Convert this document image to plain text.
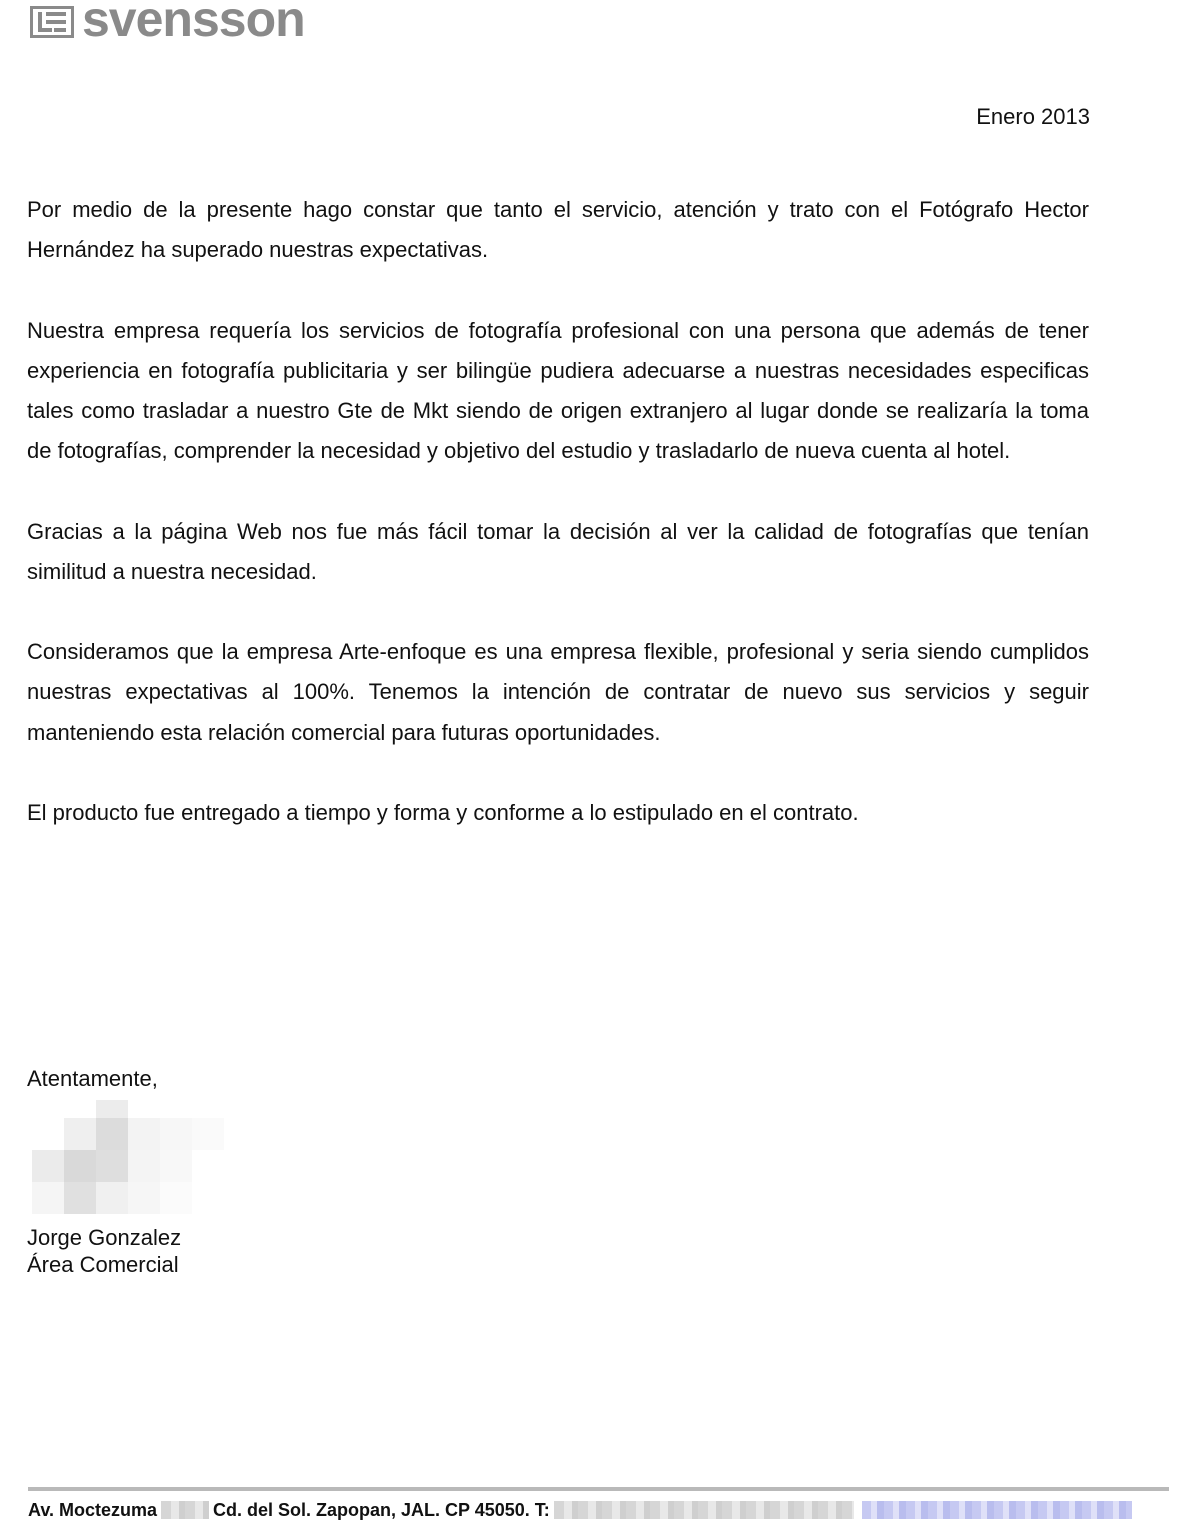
svensson
Enero 2013

Por medio de la presente hago constar que tanto el servicio, atención y trato con el Fotógrafo Hector Hernández ha superado nuestras expectativas.

Nuestra empresa requería los servicios de fotografía profesional con una persona que además de tener experiencia en fotografía publicitaria y ser bilingüe pudiera adecuarse a nuestras necesidades especificas tales como trasladar a nuestro Gte de Mkt siendo de origen extranjero al lugar donde se realizaría la toma de fotografías, comprender la necesidad y objetivo del estudio y trasladarlo de nueva cuenta al hotel.

Gracias a la página Web nos fue más fácil tomar la decisión al ver la calidad de fotografías que tenían similitud a nuestra necesidad.

Consideramos que la empresa Arte-enfoque es una empresa flexible, profesional y seria siendo cumplidos nuestras expectativas al 100%. Tenemos la intención de contratar de nuevo sus servicios y seguir manteniendo esta relación comercial para futuras oportunidades.

El producto fue entregado a tiempo y forma y conforme a lo estipulado en el contrato.

Atentamente,
Jorge Gonzalez
Área Comercial
Av. Moctezuma	Cd. del Sol. Zapopan, JAL. CP 45050. T:
